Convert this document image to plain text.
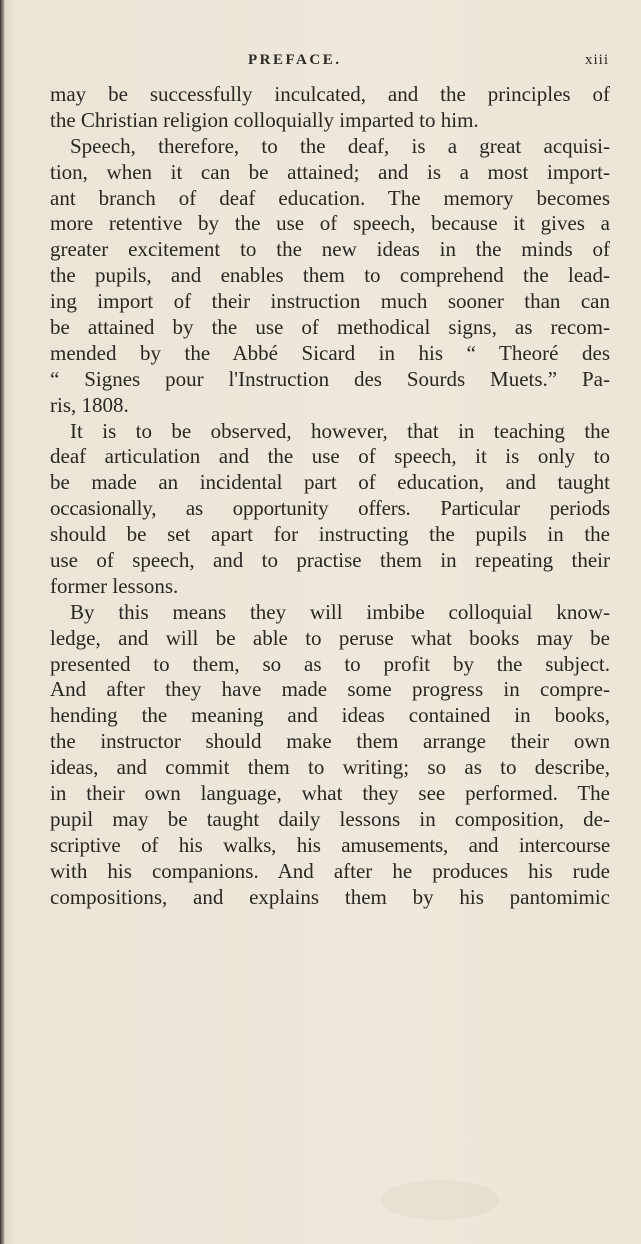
PREFACE.	xiii
may be successfully inculcated, and the principles of
the Christian religion colloquially imparted to him.
Speech, therefore, to the deaf, is a great acquisi-
tion, when it can be attained; and is a most import-
ant branch of deaf education. The memory becomes
more retentive by the use of speech, because it gives a
greater excitement to the new ideas in the minds of
the pupils, and enables them to comprehend the lead-
ing import of their instruction much sooner than can
be attained by the use of methodical signs, as recom-
mended by the Abbé Sicard in his “ Theoré des
“ Signes pour l'Instruction des Sourds Muets.” Pa-
ris, 1808.
It is to be observed, however, that in teaching the
deaf articulation and the use of speech, it is only to
be made an incidental part of education, and taught
occasionally, as opportunity offers. Particular periods
should be set apart for instructing the pupils in the
use of speech, and to practise them in repeating their
former lessons.
By this means they will imbibe colloquial know-
ledge, and will be able to peruse what books may be
presented to them, so as to profit by the subject.
And after they have made some progress in compre-
hending the meaning and ideas contained in books,
the instructor should make them arrange their own
ideas, and commit them to writing; so as to describe,
in their own language, what they see performed. The
pupil may be taught daily lessons in composition, de-
scriptive of his walks, his amusements, and intercourse
with his companions. And after he produces his rude
compositions, and explains them by his pantomimic
